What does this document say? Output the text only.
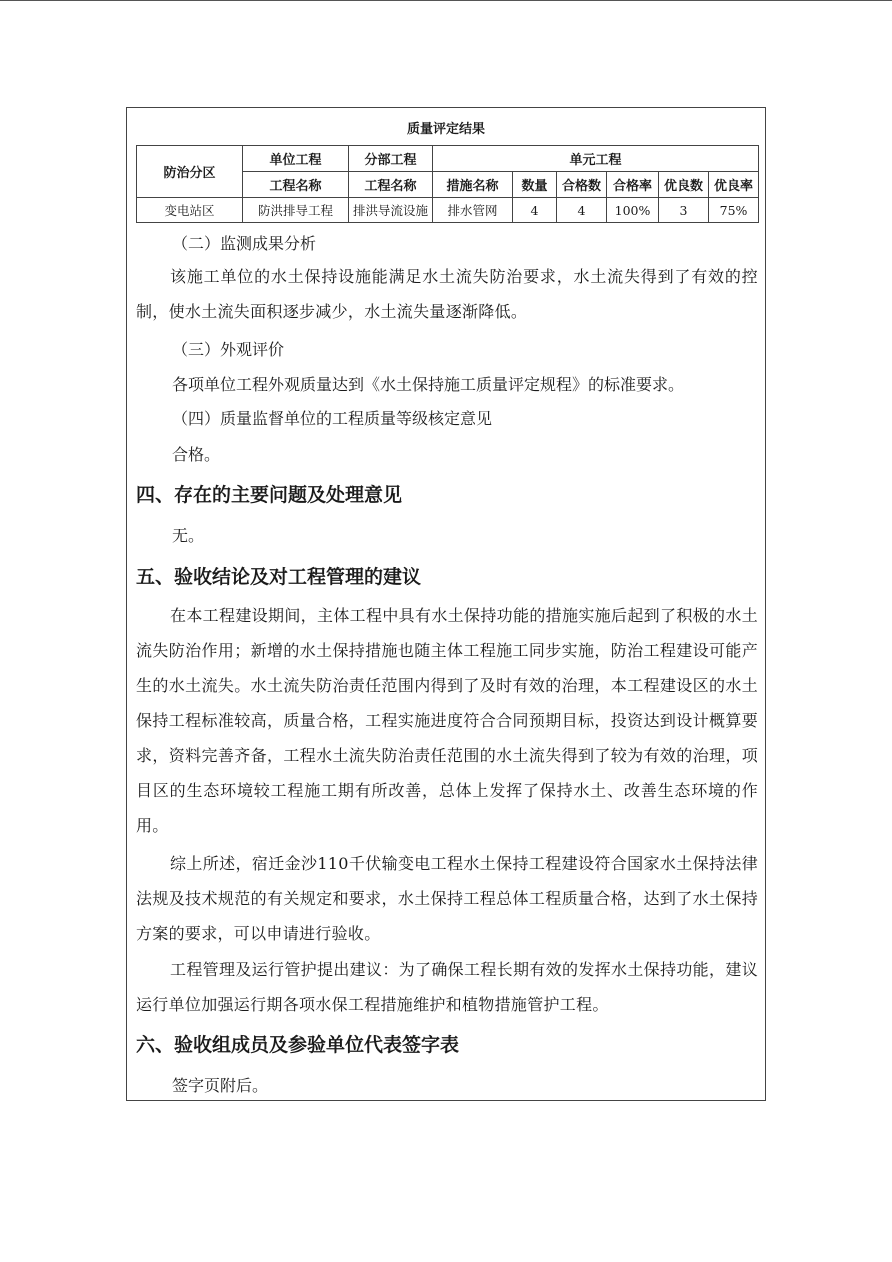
质量评定结果
防治分区	单位工程	分部工程	单元工程					
	工程名称	工程名称	措施名称	数量	合格数	合格率	优良数	优良率
变电站区	防洪排导工程	排洪导流设施	排水管网	4	4	100%	3	75%
（二）监测成果分析
该施工单位的水土保持设施能满足水土流失防治要求，水土流失得到了有效的控制，使水土流失面积逐步减少，水土流失量逐渐降低。
（三）外观评价
各项单位工程外观质量达到《水土保持施工质量评定规程》的标准要求。
（四）质量监督单位的工程质量等级核定意见
合格。
四、存在的主要问题及处理意见
无。
五、验收结论及对工程管理的建议
在本工程建设期间，主体工程中具有水土保持功能的措施实施后起到了积极的水土流失防治作用；新增的水土保持措施也随主体工程施工同步实施，防治工程建设可能产生的水土流失。水土流失防治责任范围内得到了及时有效的治理，本工程建设区的水土保持工程标准较高，质量合格，工程实施进度符合合同预期目标，投资达到设计概算要求，资料完善齐备，工程水土流失防治责任范围的水土流失得到了较为有效的治理，项目区的生态环境较工程施工期有所改善，总体上发挥了保持水土、改善生态环境的作用。
综上所述，宿迁金沙110千伏输变电工程水土保持工程建设符合国家水土保持法律法规及技术规范的有关规定和要求，水土保持工程总体工程质量合格，达到了水土保持方案的要求，可以申请进行验收。
工程管理及运行管护提出建议：为了确保工程长期有效的发挥水土保持功能，建议运行单位加强运行期各项水保工程措施维护和植物措施管护工程。
六、验收组成员及参验单位代表签字表
签字页附后。
